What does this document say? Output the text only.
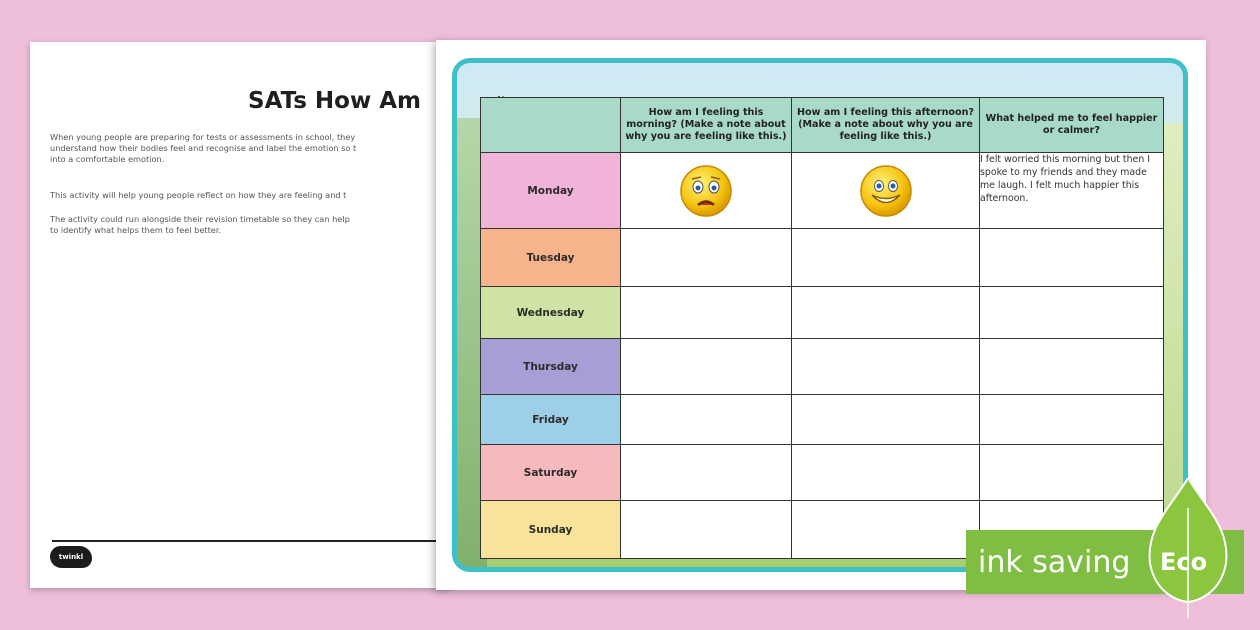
SATs How Am

When young people are preparing for tests or assessments in school, they
understand how their bodies feel and recognise and label the emotion so t
into a comfortable emotion.

This activity will help young people reflect on how they are feeling and t

The activity could run alongside their revision timetable so they can help
to identify what helps them to feel better.

twinkl
	How am I feeling this morning? (Make a note about why you are feeling like this.)	How am I feeling this afternoon? (Make a note about why you are feeling like this.)	What helped me to feel happier or calmer?
Monday			I felt worried this morning but then I spoke to my friends and they made me laugh. I felt much happier this afternoon.
Tuesday			
Wednesday			
Thursday			
Friday			
Saturday			
Sunday			
ink saving Eco
